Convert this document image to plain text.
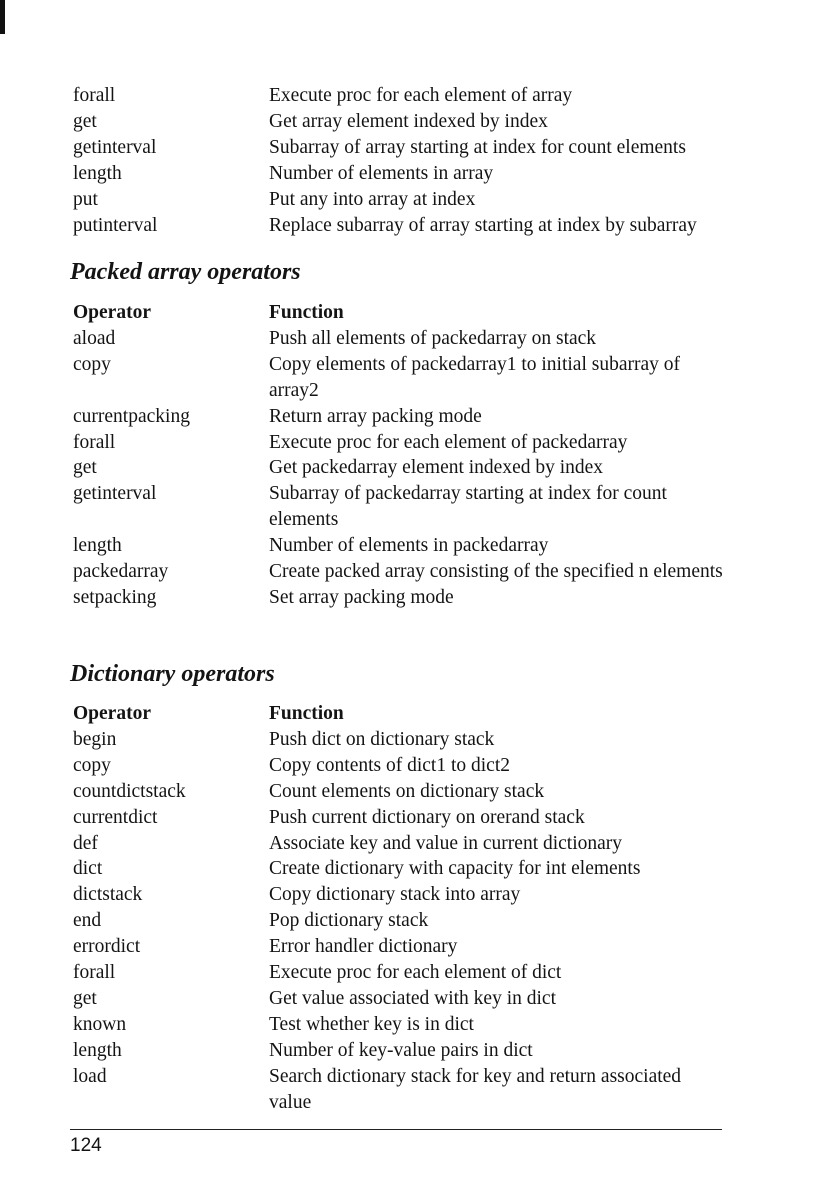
forall	Execute proc for each element of array
get	Get array element indexed by index
getinterval	Subarray of array starting at index for count elements
length	Number of elements in array
put	Put any into array at index
putinterval	Replace subarray of array starting at index by subarray
Packed array operators
Operator	Function
aload	Push all elements of packedarray on stack
copy	Copy elements of packedarray1 to initial subarray of array2
currentpacking	Return array packing mode
forall	Execute proc for each element of packedarray
get	Get packedarray element indexed by index
getinterval	Subarray of packedarray starting at index for count elements
length	Number of elements in packedarray
packedarray	Create packed array consisting of the specified n elements
setpacking	Set array packing mode
Dictionary operators
Operator	Function
begin	Push dict on dictionary stack
copy	Copy contents of dict1 to dict2
countdictstack	Count elements on dictionary stack
currentdict	Push current dictionary on orerand stack
def	Associate key and value in current dictionary
dict	Create dictionary with capacity for int elements
dictstack	Copy dictionary stack into array
end	Pop dictionary stack
errordict	Error handler dictionary
forall	Execute proc for each element of dict
get	Get value associated with key in dict
known	Test whether key is in dict
length	Number of key-value pairs in dict
load	Search dictionary stack for key and return associated value
124
